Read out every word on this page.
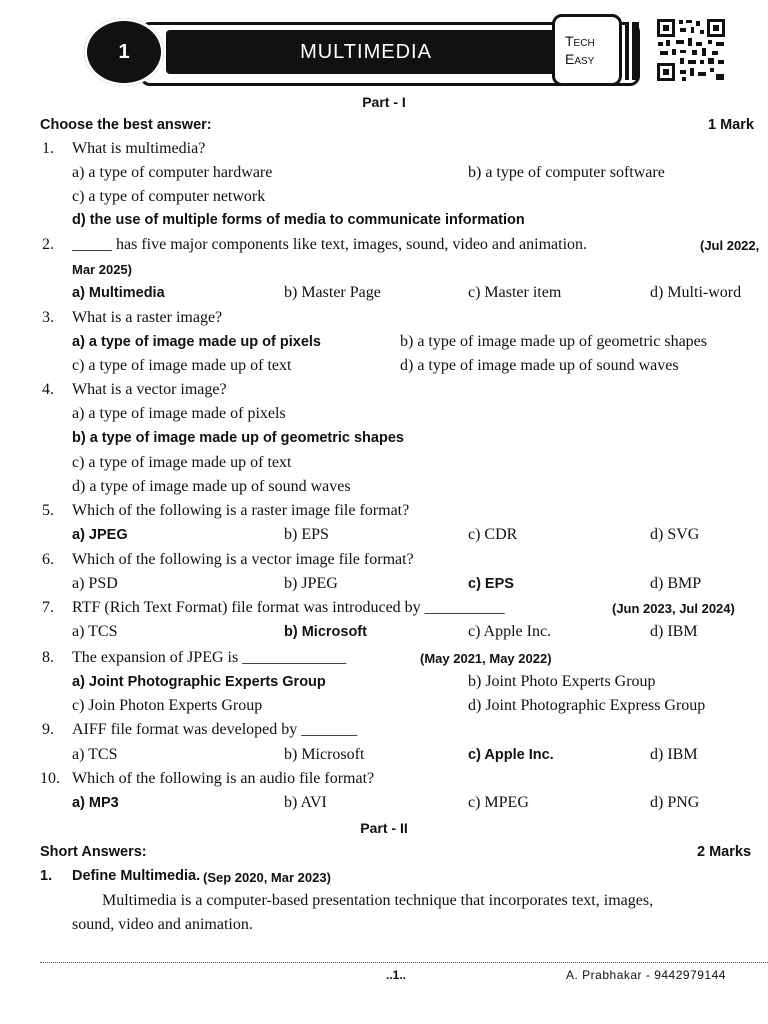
1	MULTIMEDIA	Tech
Easy
Part - I
Choose the best answer:	1 Mark
1. What is multimedia?
a) a type of computer hardware	b) a type of computer software
c) a type of computer network
d) the use of multiple forms of media to communicate information
2. _____ has five major components like text, images, sound, video and animation.	(Jul 2022,
Mar 2025)
a) Multimedia	b) Master Page	c) Master item	d) Multi-word
3. What is a raster image?
a) a type of image made up of pixels	b) a type of image made up of geometric shapes
c) a type of image made up of text	d) a type of image made up of sound waves
4. What is a vector image?
a) a type of image made of pixels
b) a type of image made up of geometric shapes
c) a type of image made up of text
d) a type of image made up of sound waves
5. Which of the following is a raster image file format?
a) JPEG	b) EPS	c) CDR	d) SVG
6. Which of the following is a vector image file format?
a) PSD	b) JPEG	c) EPS	d) BMP
7. RTF (Rich Text Format) file format was introduced by __________	(Jun 2023, Jul 2024)
a) TCS	b) Microsoft	c) Apple Inc.	d) IBM
8. The expansion of JPEG is _____________	(May 2021, May 2022)
a) Joint Photographic Experts Group	b) Joint Photo Experts Group
c) Join Photon Experts Group	d) Joint Photographic Express Group
9. AIFF file format was developed by _______
a) TCS	b) Microsoft	c) Apple Inc.	d) IBM
10. Which of the following is an audio file format?
a) MP3	b) AVI	c) MPEG	d) PNG
Part - II
Short Answers:	2 Marks
1. Define Multimedia. (Sep 2020, Mar 2023)
Multimedia is a computer-based presentation technique that incorporates text, images,
sound, video and animation.
..1..	A. Prabhakar - 9442979144
